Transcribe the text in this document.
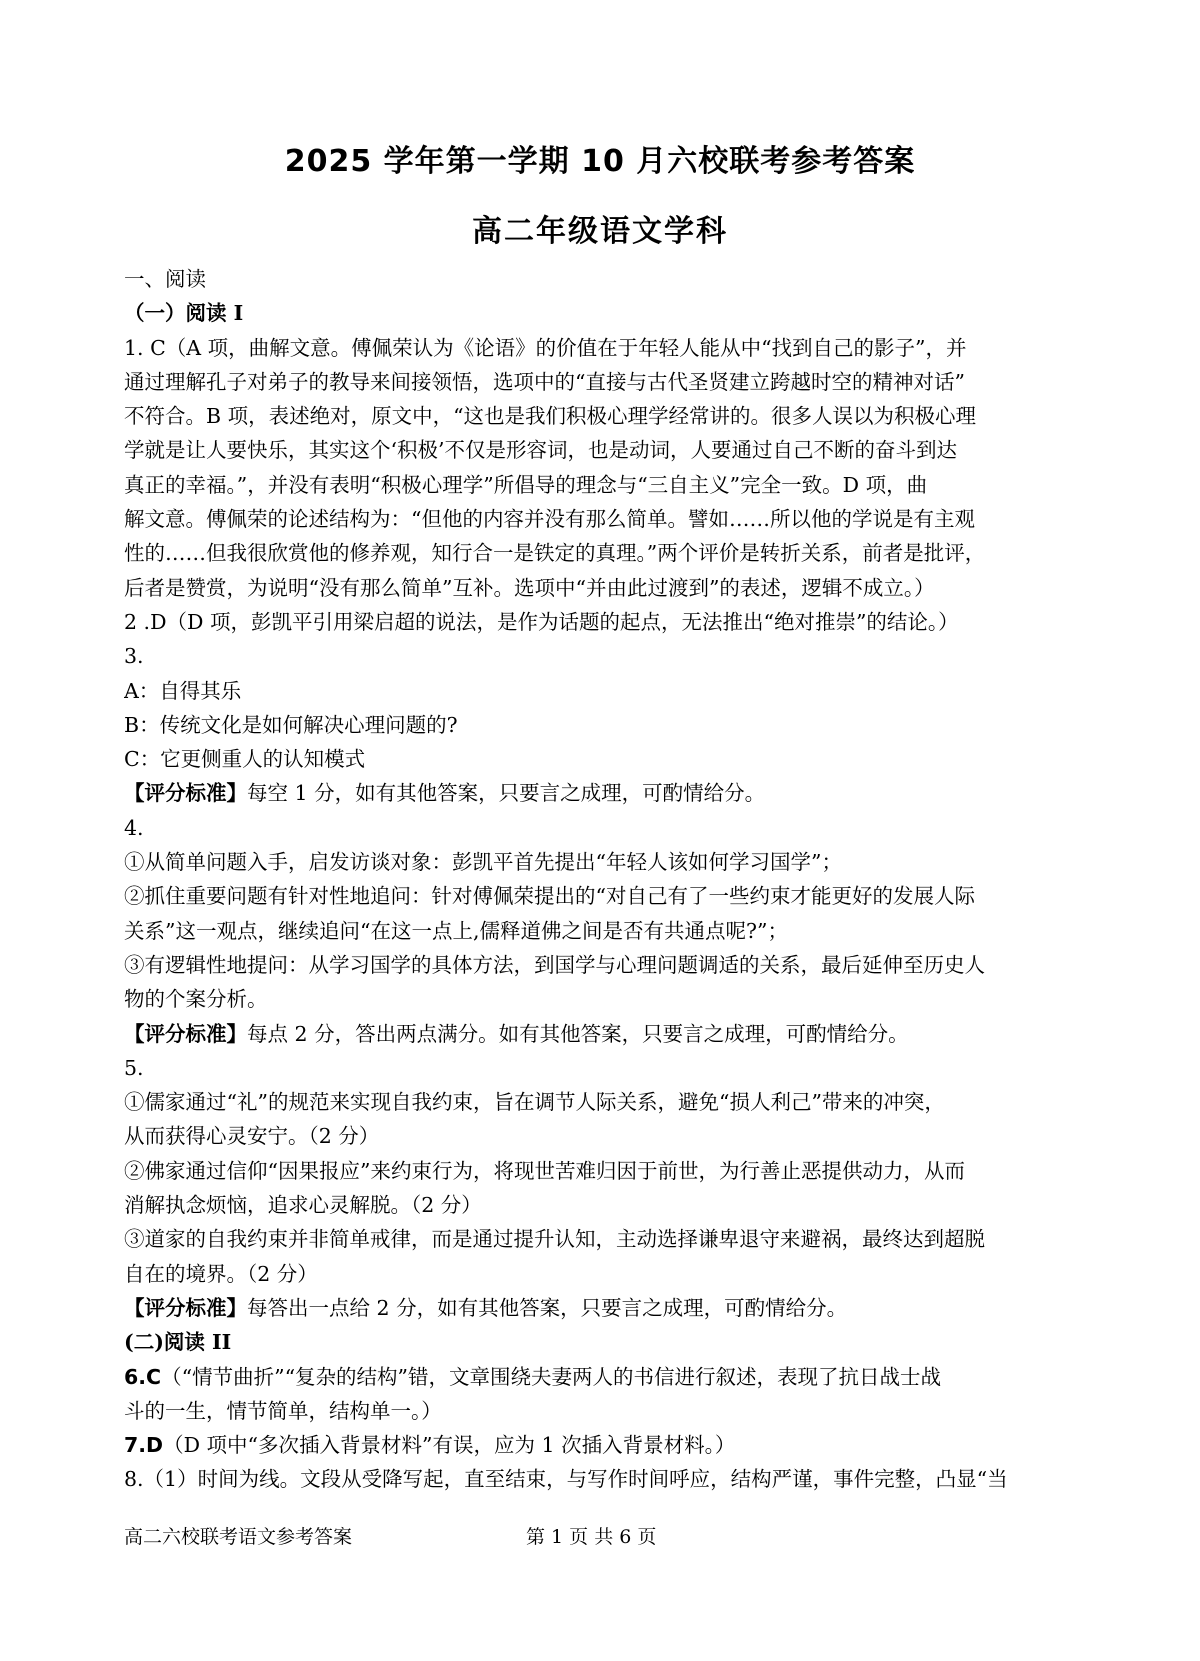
2025 学年第一学期 10 月六校联考参考答案
高二年级语文学科
一、阅读
（一）阅读 I
1. C（A 项，曲解文意。傅佩荣认为《论语》的价值在于年轻人能从中“找到自己的影子”，并
通过理解孔子对弟子的教导来间接领悟，选项中的“直接与古代圣贤建立跨越时空的精神对话”
不符合。B 项，表述绝对，原文中，“这也是我们积极心理学经常讲的。很多人误以为积极心理
学就是让人要快乐，其实这个‘积极’不仅是形容词，也是动词，人要通过自己不断的奋斗到达
真正的幸福。”，并没有表明“积极心理学”所倡导的理念与“三自主义”完全一致。D 项，曲
解文意。傅佩荣的论述结构为：“但他的内容并没有那么简单。譬如……所以他的学说是有主观
性的……但我很欣赏他的修养观，知行合一是铁定的真理。”两个评价是转折关系，前者是批评，
后者是赞赏，为说明“没有那么简单”互补。选项中“并由此过渡到”的表述，逻辑不成立。）
2 .D（D 项，彭凯平引用梁启超的说法，是作为话题的起点，无法推出“绝对推崇”的结论。）
3.
A：自得其乐
B：传统文化是如何解决心理问题的?
C：它更侧重人的认知模式
【评分标准】每空 1 分，如有其他答案，只要言之成理，可酌情给分。
4.
①从简单问题入手，启发访谈对象：彭凯平首先提出“年轻人该如何学习国学”；
②抓住重要问题有针对性地追问：针对傅佩荣提出的“对自己有了一些约束才能更好的发展人际
关系”这一观点，继续追问“在这一点上,儒释道佛之间是否有共通点呢?”；
③有逻辑性地提问：从学习国学的具体方法，到国学与心理问题调适的关系，最后延伸至历史人
物的个案分析。
【评分标准】每点 2 分，答出两点满分。如有其他答案，只要言之成理，可酌情给分。
5.
①儒家通过“礼”的规范来实现自我约束，旨在调节人际关系，避免“损人利己”带来的冲突，
从而获得心灵安宁。（2 分）
②佛家通过信仰“因果报应”来约束行为，将现世苦难归因于前世，为行善止恶提供动力，从而
消解执念烦恼，追求心灵解脱。（2 分）
③道家的自我约束并非简单戒律，而是通过提升认知，主动选择谦卑退守来避祸，最终达到超脱
自在的境界。（2 分）
【评分标准】每答出一点给 2 分，如有其他答案，只要言之成理，可酌情给分。
(二)阅读 II
6.C（“情节曲折”“复杂的结构”错，文章围绕夫妻两人的书信进行叙述，表现了抗日战士战
斗的一生，情节简单，结构单一。）
7.D（D 项中“多次插入背景材料”有误，应为 1 次插入背景材料。）
8.（1）时间为线。文段从受降写起，直至结束，与写作时间呼应，结构严谨，事件完整，凸显“当
高二六校联考语文参考答案	第 1 页 共 6 页
